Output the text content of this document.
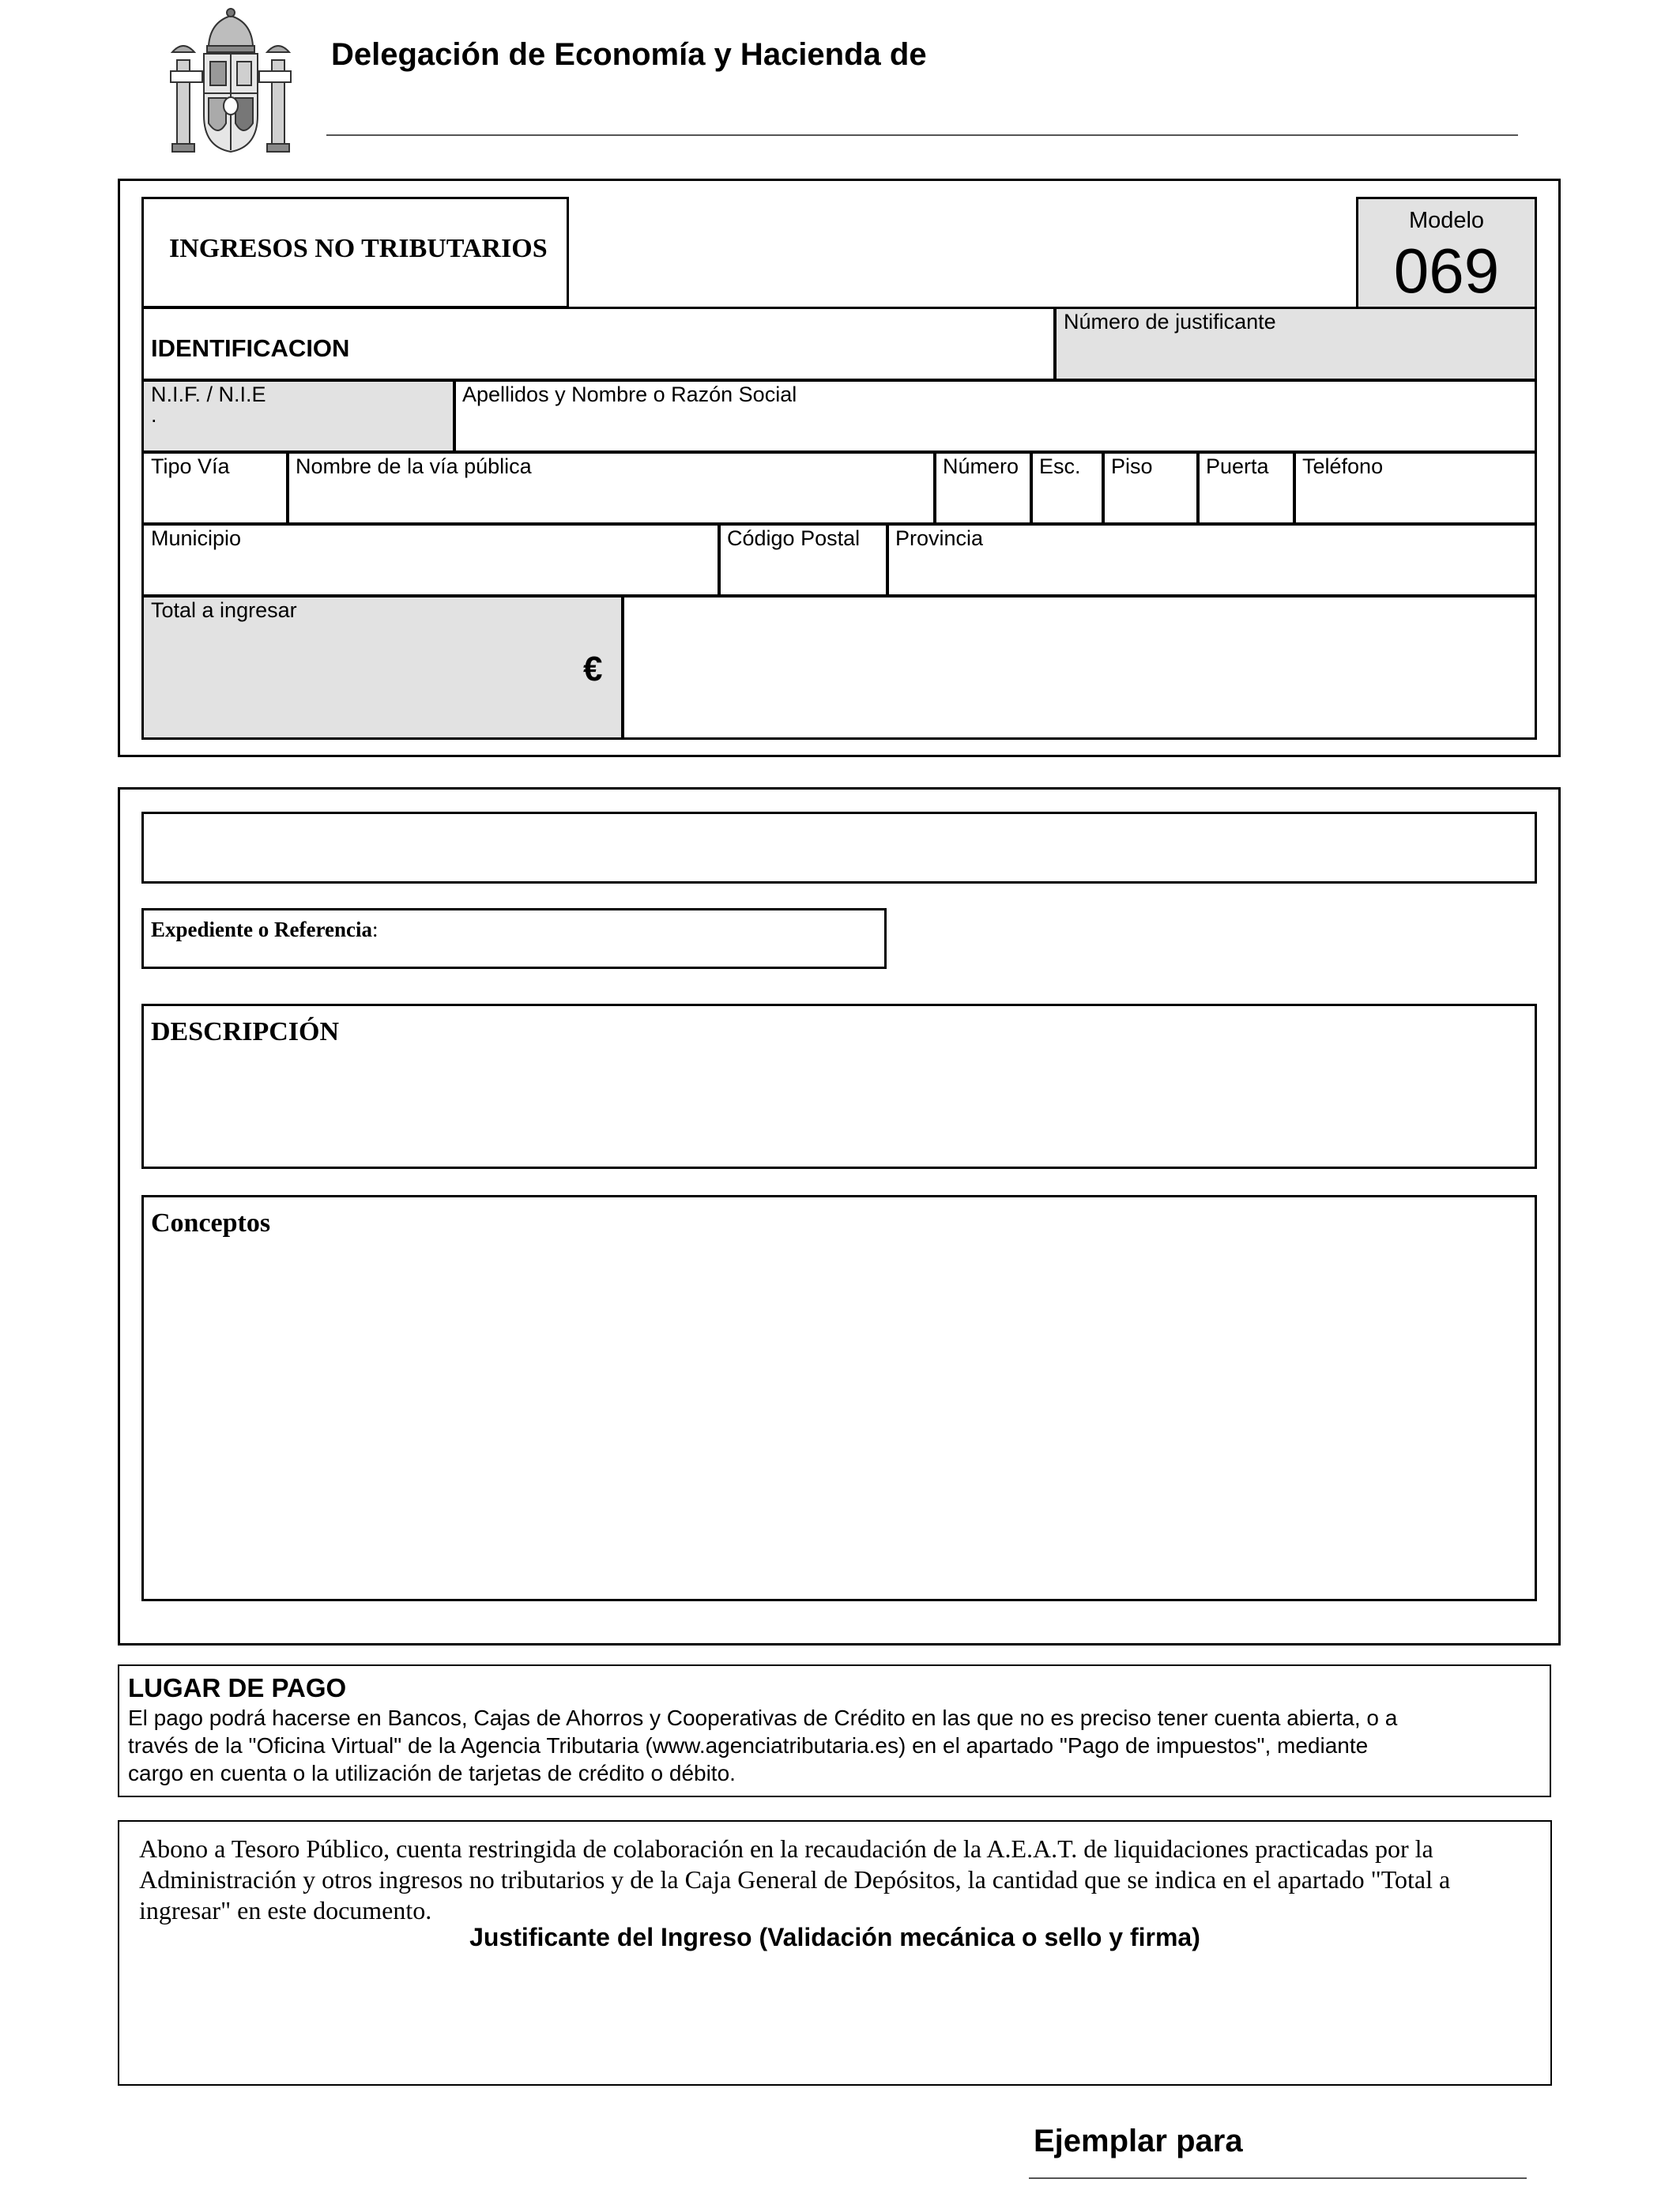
Delegación de Economía y Hacienda de
INGRESOS NO TRIBUTARIOS
Modelo
069
IDENTIFICACION
Número de justificante
N.I.F. / N.I.E
.
Apellidos y Nombre o Razón Social
Tipo Vía	Nombre de la vía pública	Número Esc. Piso Puerta Teléfono
Municipio	Código Postal Provincia
Total a ingresar
€
Expediente o Referencia:
DESCRIPCIÓN
Conceptos
LUGAR DE PAGO
El pago podrá hacerse en Bancos, Cajas de Ahorros y Cooperativas de Crédito en las que no es preciso tener cuenta abierta, o a
través de la "Oficina Virtual" de la Agencia Tributaria (www.agenciatributaria.es) en el apartado "Pago de impuestos", mediante
cargo en cuenta o la utilización de tarjetas de crédito o débito.
Abono a Tesoro Público, cuenta restringida de colaboración en la recaudación de la A.E.A.T. de liquidaciones practicadas por la
Administración y otros ingresos no tributarios y de la Caja General de Depósitos, la cantidad que se indica en el apartado "Total a
ingresar" en este documento.
Justificante del Ingreso (Validación mecánica o sello y firma)
Ejemplar para
